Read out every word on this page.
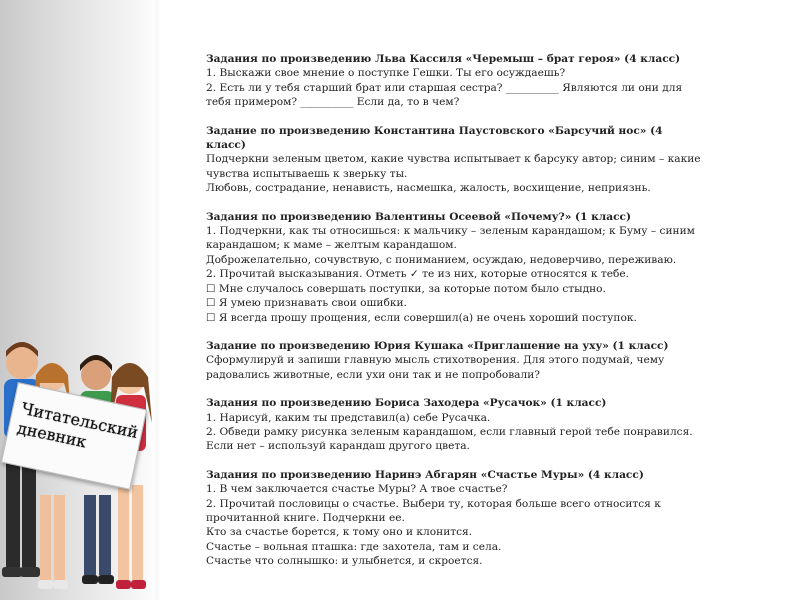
Читательский дневник

Задания по произведению Льва Кассиля «Черемыш – брат героя» (4 класс)

1. Выскажи свое мнение о поступке Гешки. Ты его осуждаешь?

2. Есть ли у тебя старший брат или старшая сестра? __________ Являются ли они для тебя примером? __________ Если да, то в чем?

Задание по произведению Константина Паустовского «Барсучий нос» (4 класс)

Подчеркни зеленым цветом, какие чувства испытывает к барсуку автор; синим – какие чувства испытываешь к зверьку ты.

Любовь, сострадание, ненависть, насмешка, жалость, восхищение, неприязнь.

Задания по произведению Валентины Осеевой «Почему?» (1 класс)

1. Подчеркни, как ты относишься: к мальчику – зеленым карандашом; к Буму – синим карандашом; к маме – желтым карандашом.

Доброжелательно, сочувствую, с пониманием, осуждаю, недоверчиво, переживаю.

2. Прочитай высказывания. Отметь ✓ те из них, которые относятся к тебе.

☐ Мне случалось совершать поступки, за которые потом было стыдно.

☐ Я умею признавать свои ошибки.

☐ Я всегда прошу прощения, если совершил(а) не очень хороший поступок.

Задание по произведению Юрия Кушака «Приглашение на уху» (1 класс)

Сформулируй и запиши главную мысль стихотворения. Для этого подумай, чему радовались животные, если ухи они так и не попробовали?

Задания по произведению Бориса Заходера «Русачок» (1 класс)

1. Нарисуй, каким ты представил(а) себе Русачка.

2. Обведи рамку рисунка зеленым карандашом, если главный герой тебе понравился. Если нет – используй карандаш другого цвета.

Задания по произведению Наринэ Абгарян «Счастье Муры» (4 класс)

1. В чем заключается счастье Муры? А твое счастье?

2. Прочитай пословицы о счастье. Выбери ту, которая больше всего относится к прочитанной книге. Подчеркни ее.

Кто за счастье борется, к тому оно и клонится.

Счастье – вольная пташка: где захотела, там и села.

Счастье что солнышко: и улыбнется, и скроется.
